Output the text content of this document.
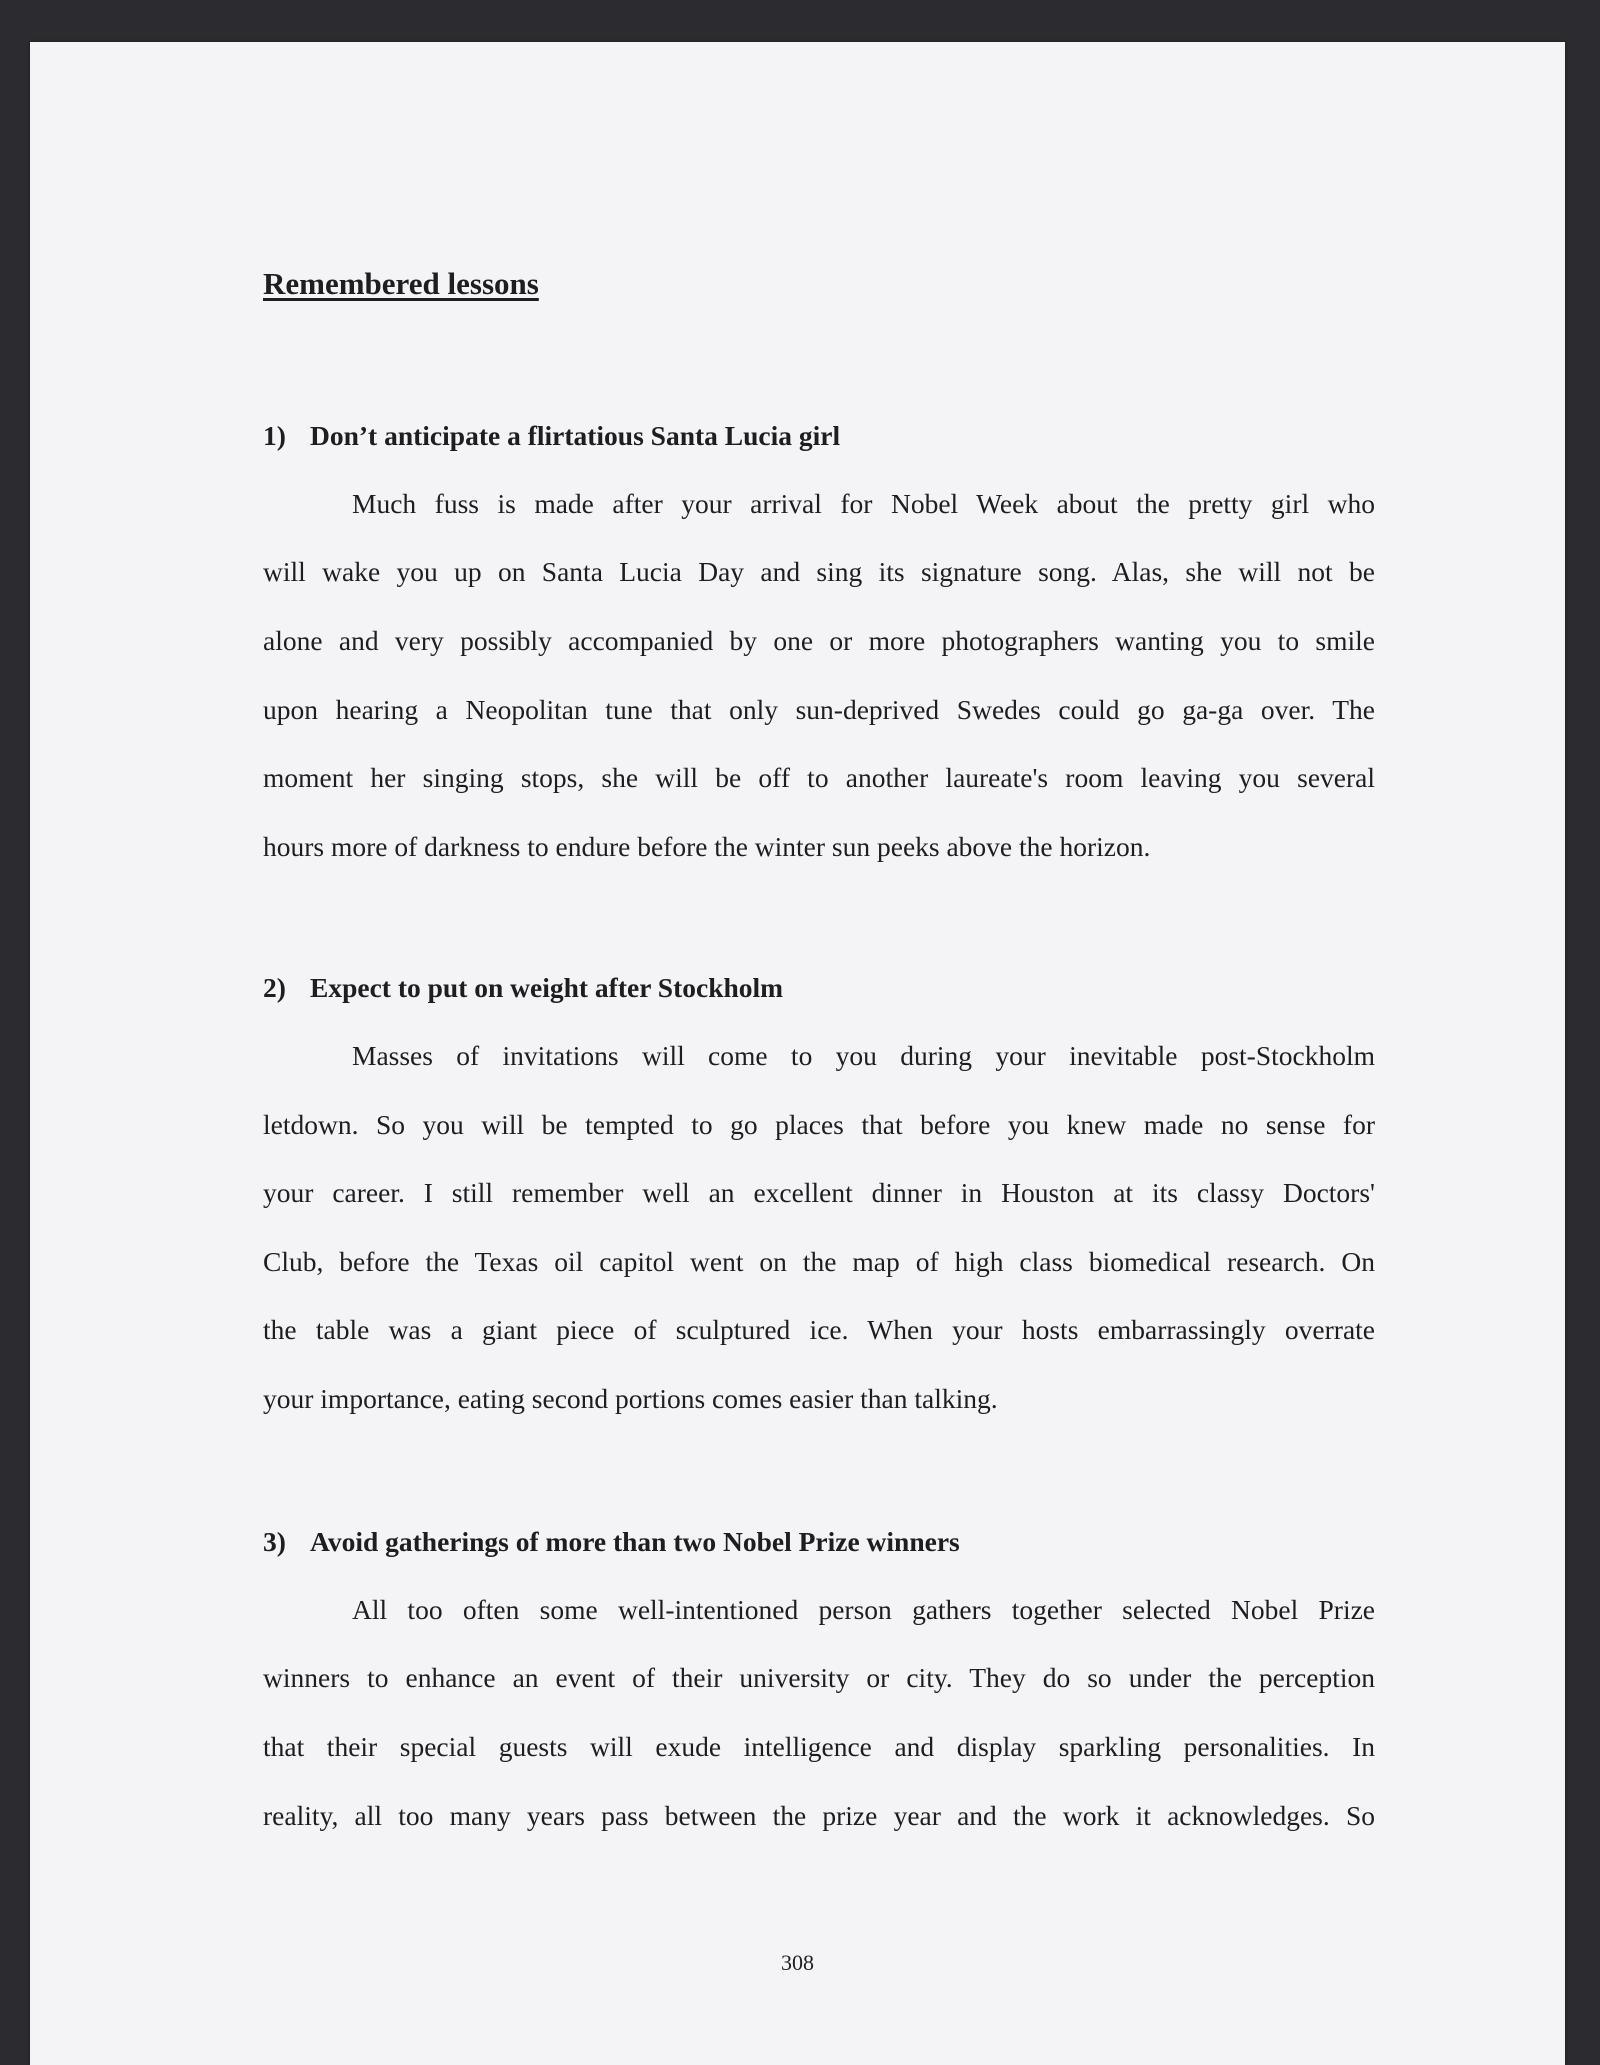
Remembered lessons
1) Don’t anticipate a flirtatious Santa Lucia girl

Much fuss is made after your arrival for Nobel Week about the pretty girl who

will wake you up on Santa Lucia Day and sing its signature song. Alas, she will not be

alone and very possibly accompanied by one or more photographers wanting you to smile

upon hearing a Neopolitan tune that only sun-deprived Swedes could go ga-ga over. The

moment her singing stops, she will be off to another laureate's room leaving you several

hours more of darkness to endure before the winter sun peeks above the horizon.

2) Expect to put on weight after Stockholm

Masses of invitations will come to you during your inevitable post-Stockholm

letdown. So you will be tempted to go places that before you knew made no sense for

your career. I still remember well an excellent dinner in Houston at its classy Doctors'

Club, before the Texas oil capitol went on the map of high class biomedical research. On

the table was a giant piece of sculptured ice. When your hosts embarrassingly overrate

your importance, eating second portions comes easier than talking.

3) Avoid gatherings of more than two Nobel Prize winners

All too often some well-intentioned person gathers together selected Nobel Prize

winners to enhance an event of their university or city. They do so under the perception

that their special guests will exude intelligence and display sparkling personalities. In

reality, all too many years pass between the prize year and the work it acknowledges. So

308
